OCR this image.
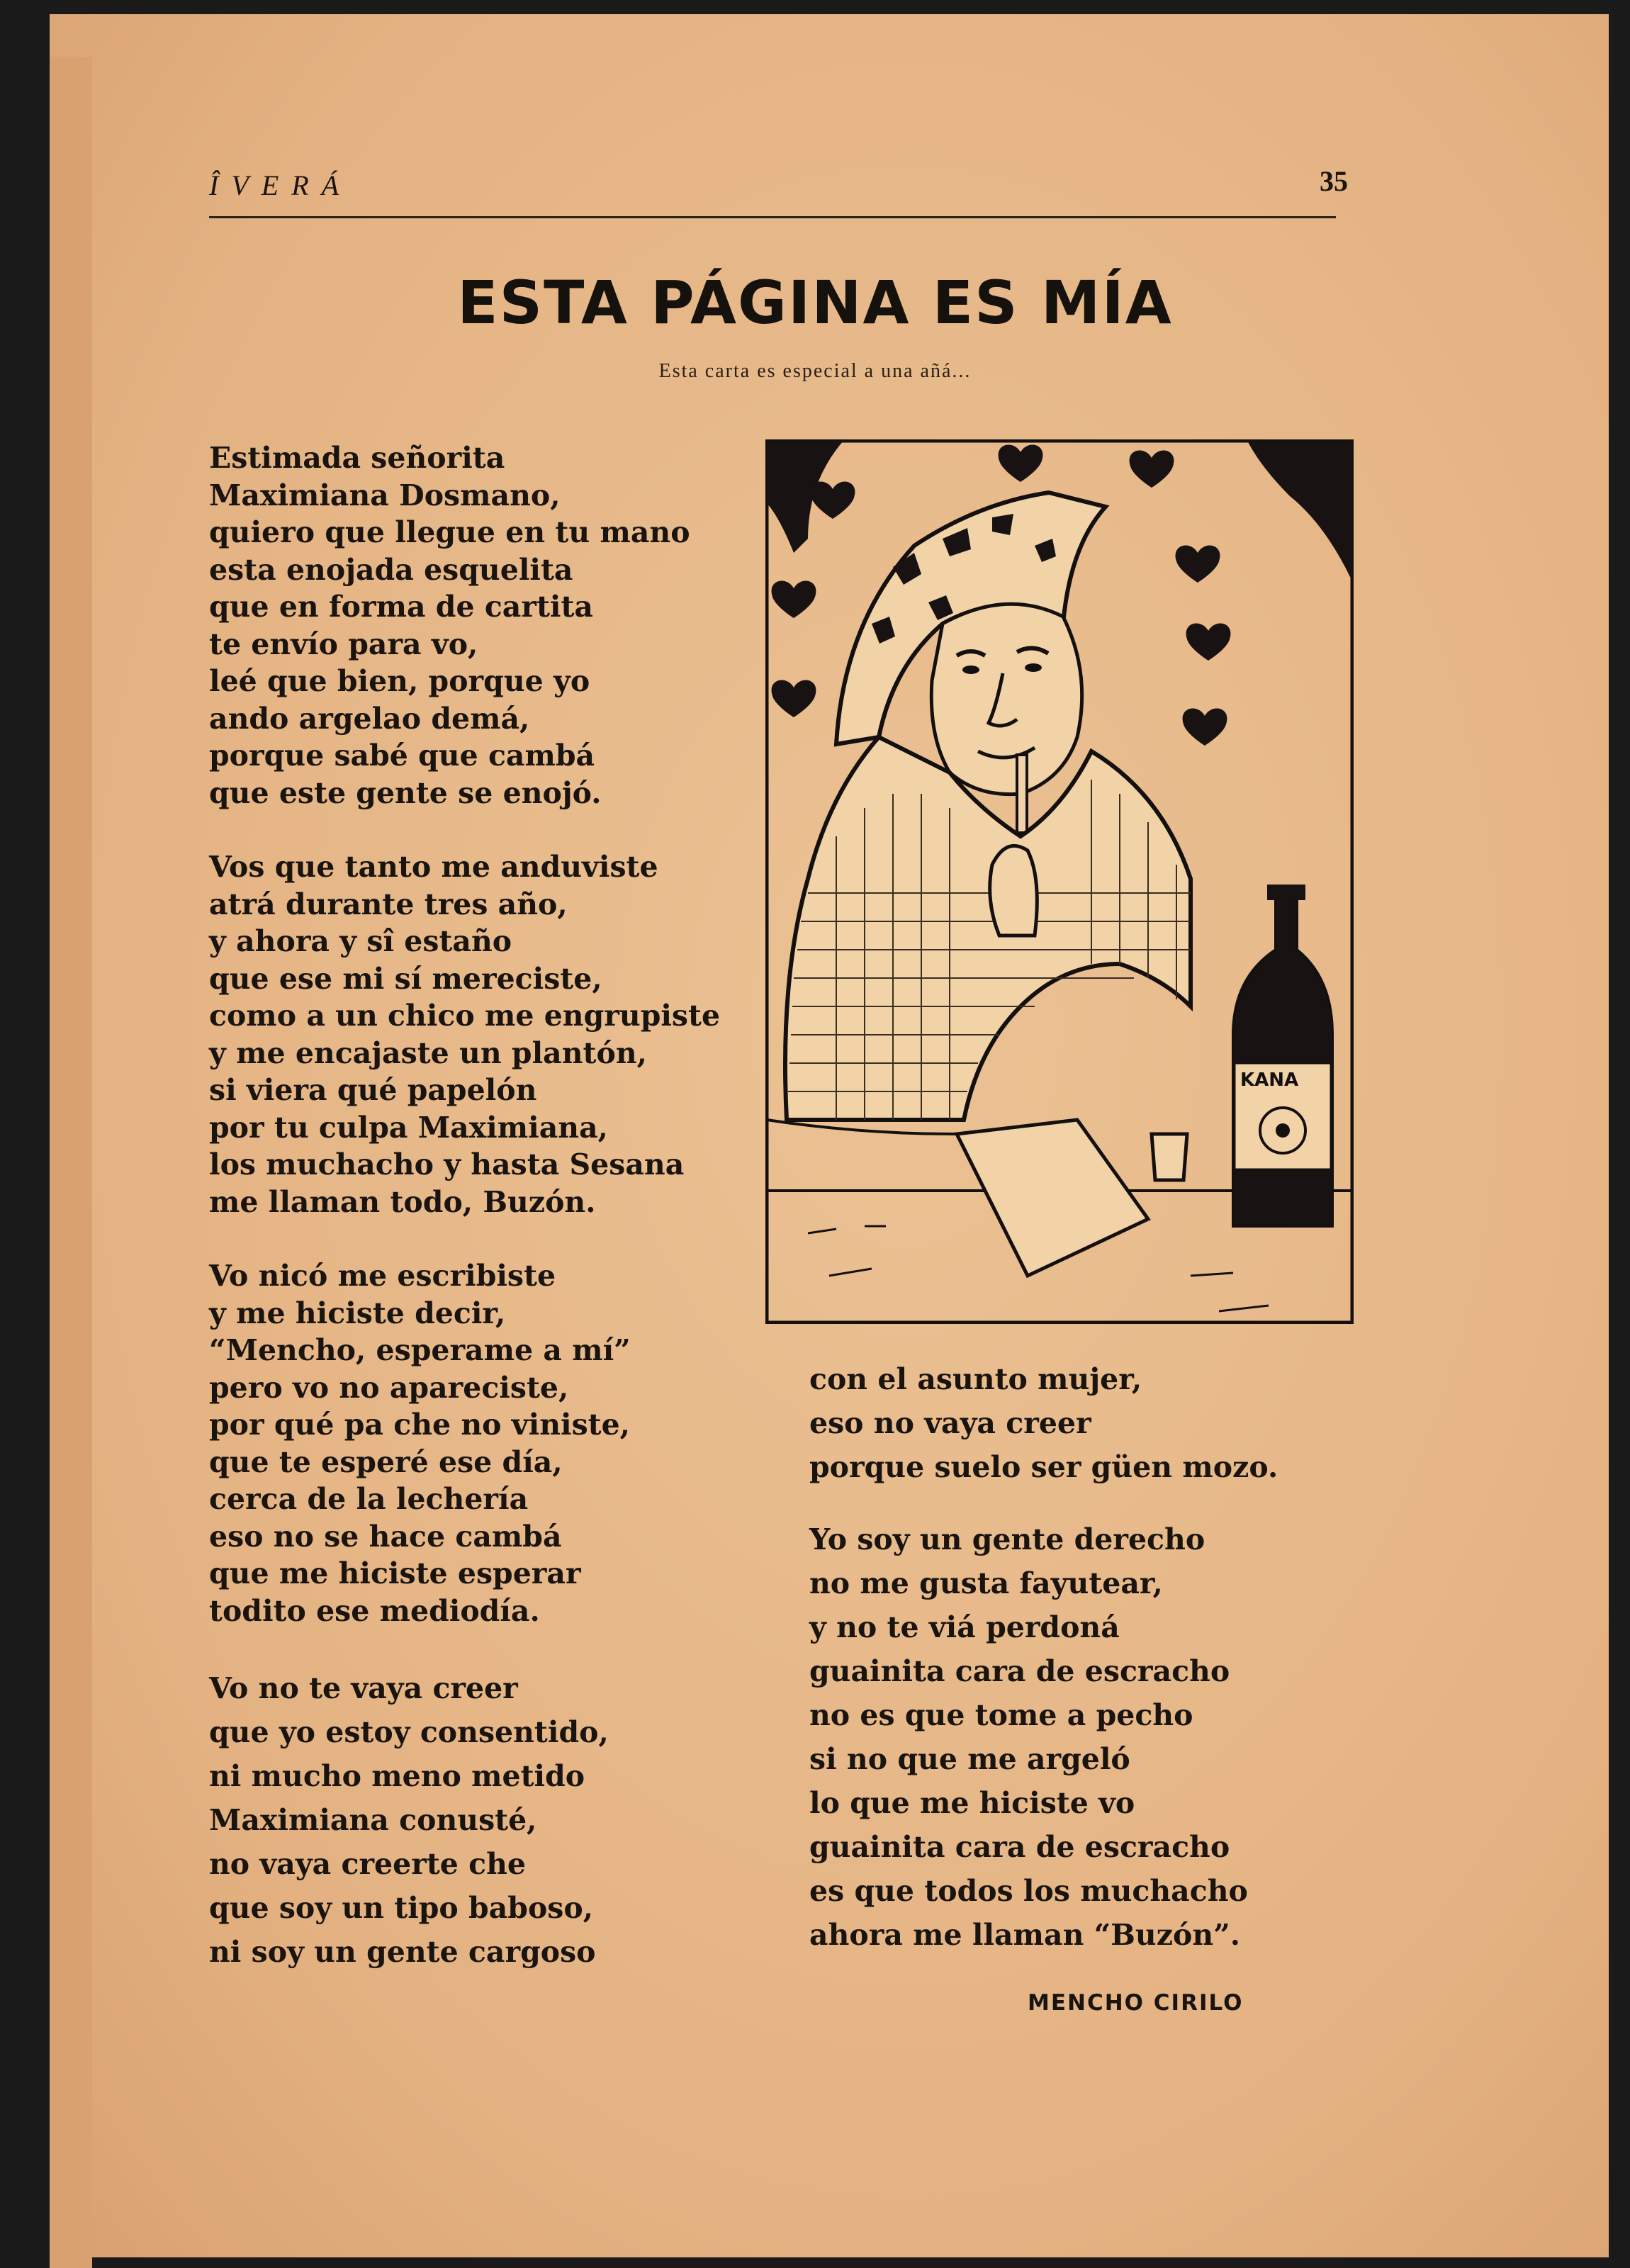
ÎVERÁ	35
ESTA PÁGINA ES MÍA
Esta carta es especial a una añá...
Estimada señorita
Maximiana Dosmano,
quiero que llegue en tu mano
esta enojada esquelita
que en forma de cartita
te envío para vo,
leé que bien, porque yo
ando argelao demá,
porque sabé que cambá
que este gente se enojó.
Vos que tanto me anduviste
atrá durante tres año,
y ahora y sî estaño
que ese mi sí mereciste,
como a un chico me engrupiste
y me encajaste un plantón,
si viera qué papelón
por tu culpa Maximiana,
los muchacho y hasta Sesana
me llaman todo, Buzón.
Vo nicó me escribiste
y me hiciste decir,
“Mencho, esperame a mí”
pero vo no apareciste,
por qué pa che no viniste,
que te esperé ese día,
cerca de la lechería
eso no se hace cambá
que me hiciste esperar
todito ese mediodía.
Vo no te vaya creer
que yo estoy consentido,
ni mucho meno metido
Maximiana conusté,
no vaya creerte che
que soy un tipo baboso,
ni soy un gente cargoso
KANA
con el asunto mujer,
eso no vaya creer
porque suelo ser güen mozo.
Yo soy un gente derecho
no me gusta fayutear,
y no te viá perdoná
guainita cara de escracho
no es que tome a pecho
si no que me argeló
lo que me hiciste vo
guainita cara de escracho
es que todos los muchacho
ahora me llaman “Buzón”.
MENCHO CIRILO
